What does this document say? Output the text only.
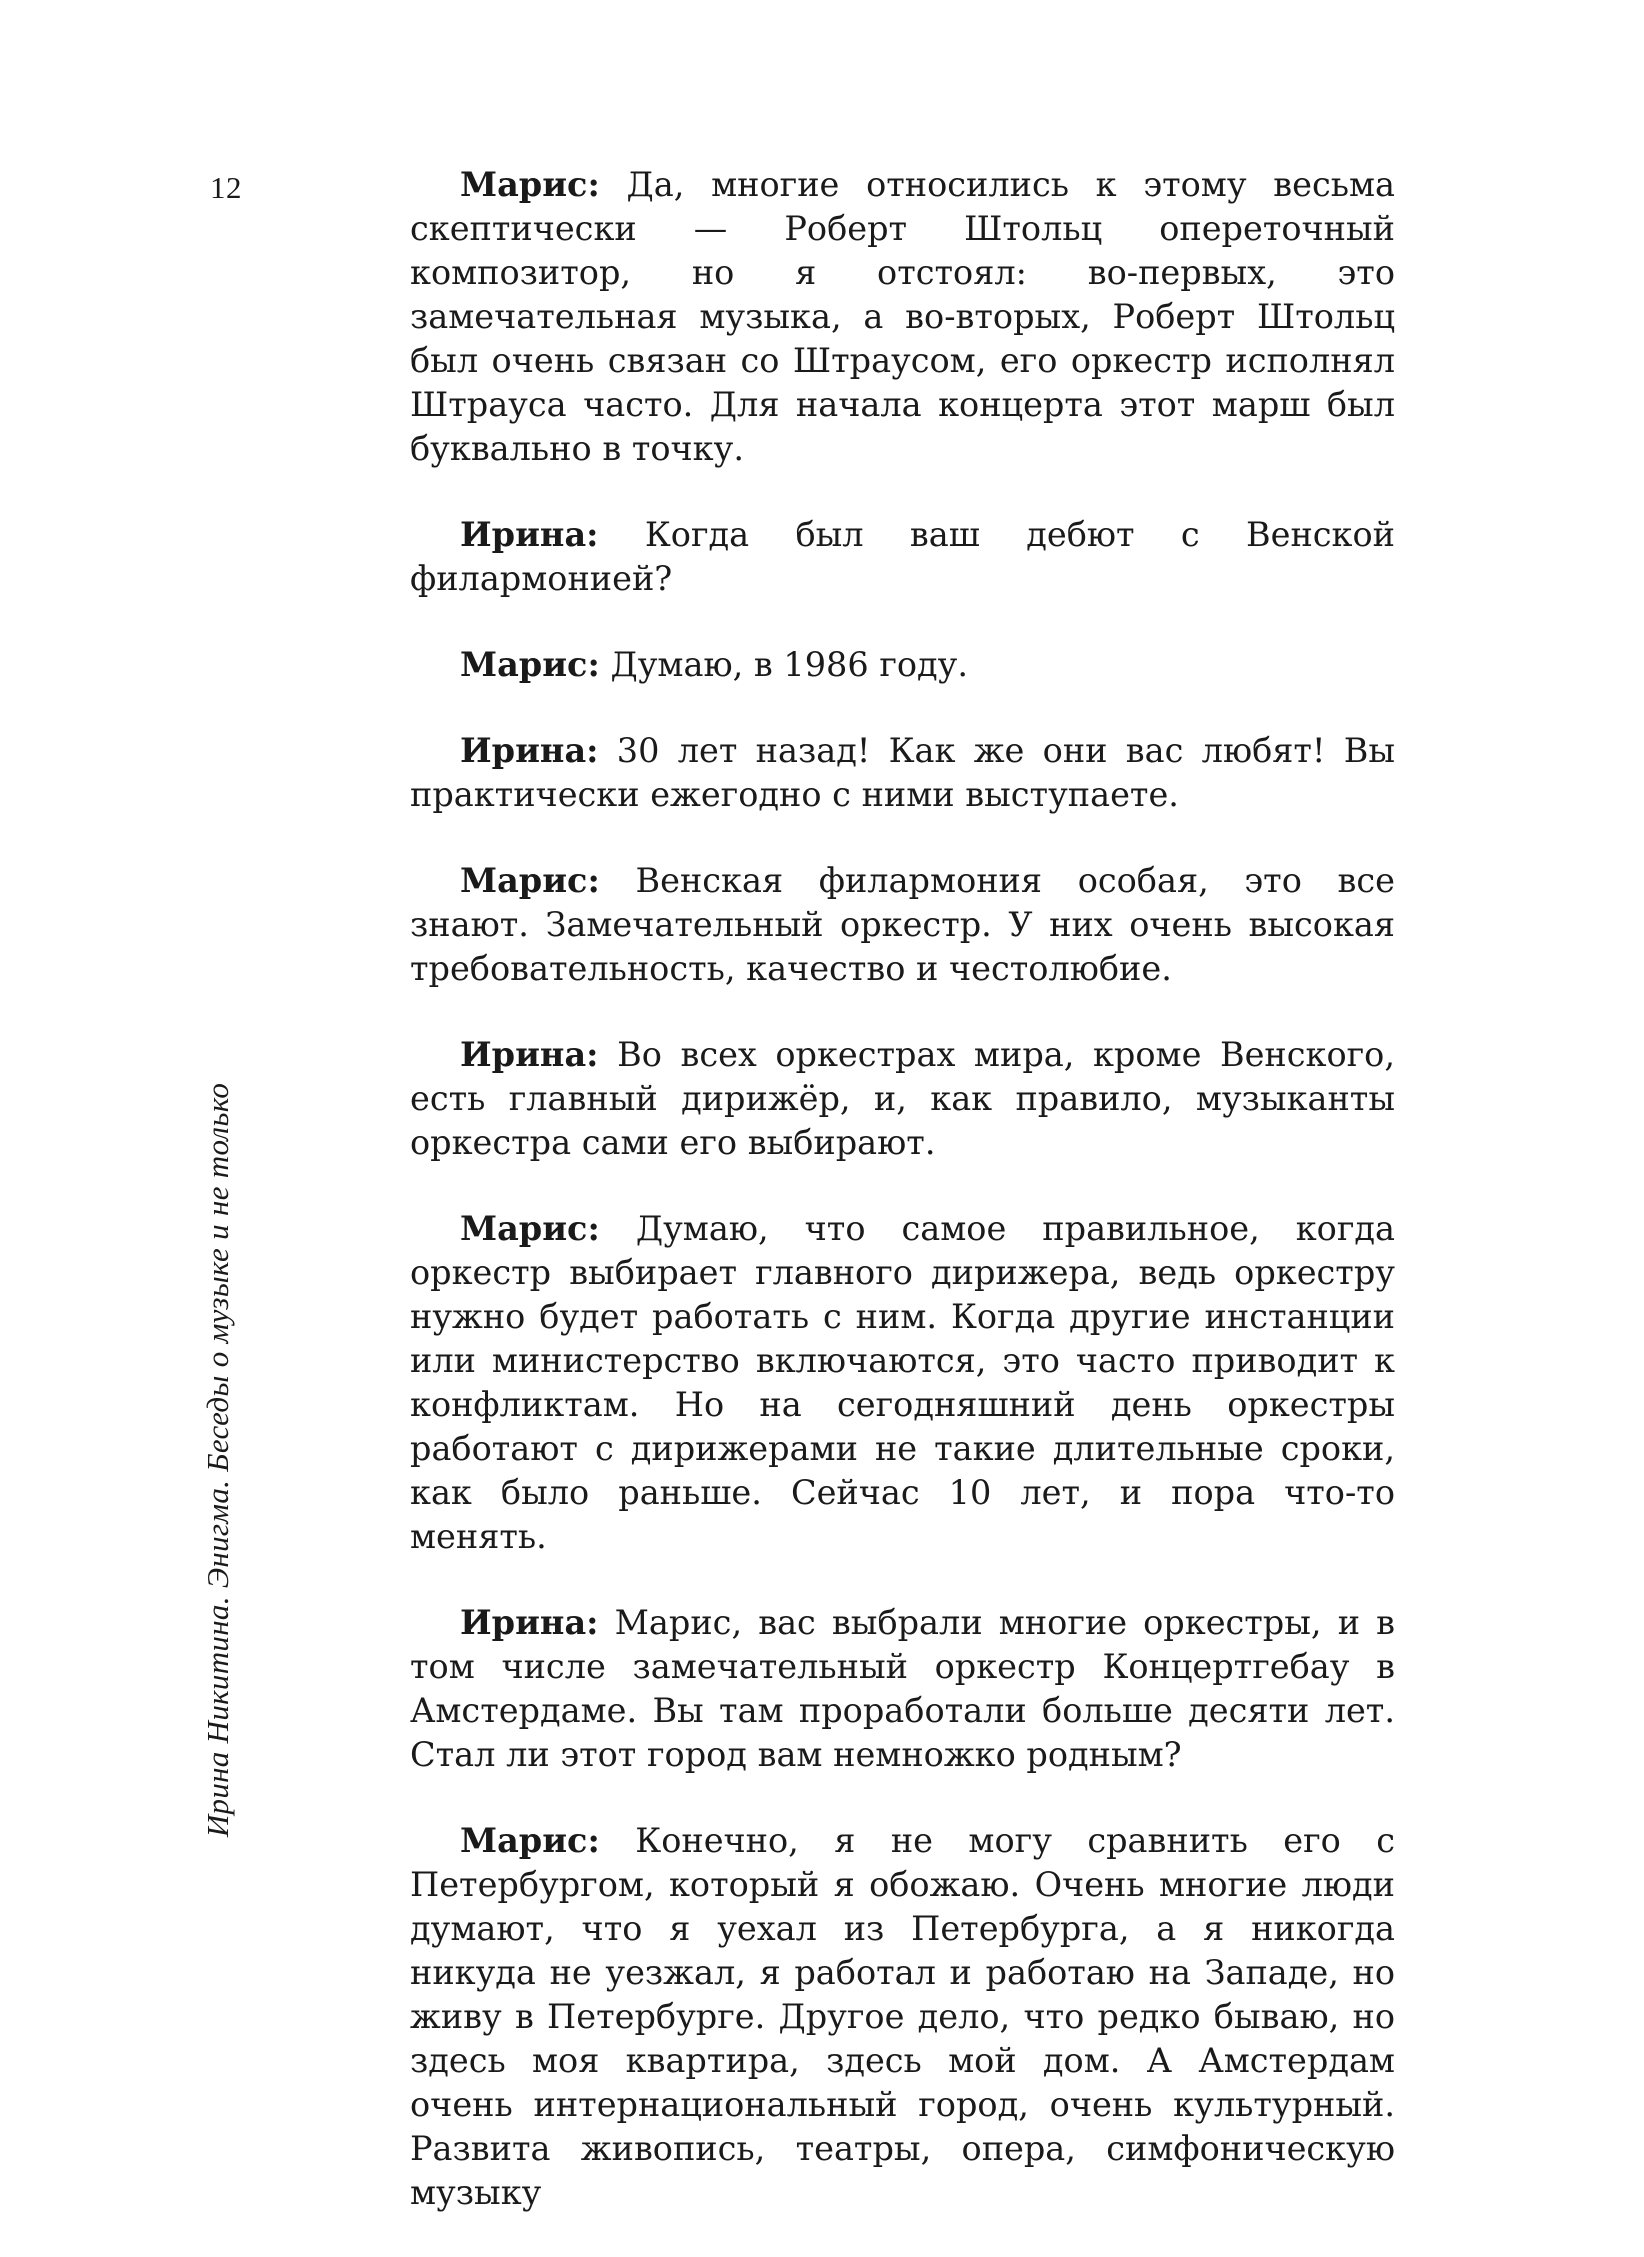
12
Ирина Никитина. Энигма. Беседы о музыке и не только

Марис: Да, многие относились к этому весьма скептически — Роберт Штольц опереточный композитор, но я отстоял: во-первых, это замечательная музыка, а во-вторых, Роберт Штольц был очень связан со Штраусом, его оркестр исполнял Штрауса часто. Для начала концерта этот марш был буквально в точку.

Ирина: Когда был ваш дебют с Венской филармонией?

Марис: Думаю, в 1986 году.

Ирина: 30 лет назад! Как же они вас любят! Вы практически ежегодно с ними выступаете.

Марис: Венская филармония особая, это все знают. Замечательный оркестр. У них очень высокая требовательность, качество и честолюбие.

Ирина: Во всех оркестрах мира, кроме Венского, есть главный дирижёр, и, как правило, музыканты оркестра сами его выбирают.

Марис: Думаю, что самое правильное, когда оркестр выбирает главного дирижера, ведь оркестру нужно будет работать с ним. Когда другие инстанции или министерство включаются, это часто приводит к конфликтам. Но на сегодняшний день оркестры работают с дирижерами не такие длительные сроки, как было раньше. Сейчас 10 лет, и пора что-то менять.

Ирина: Марис, вас выбрали многие оркестры, и в том числе замечательный оркестр Концертгебау в Амстердаме. Вы там проработали больше десяти лет. Стал ли этот город вам немножко родным?

Марис: Конечно, я не могу сравнить его с Петербургом, который я обожаю. Очень многие люди думают, что я уехал из Петербурга, а я никогда никуда не уезжал, я работал и работаю на Западе, но живу в Петербурге. Другое дело, что редко бываю, но здесь моя квартира, здесь мой дом. А Амстердам очень интернациональный город, очень культурный. Развита живопись, театры, опера, симфоническую музыку
